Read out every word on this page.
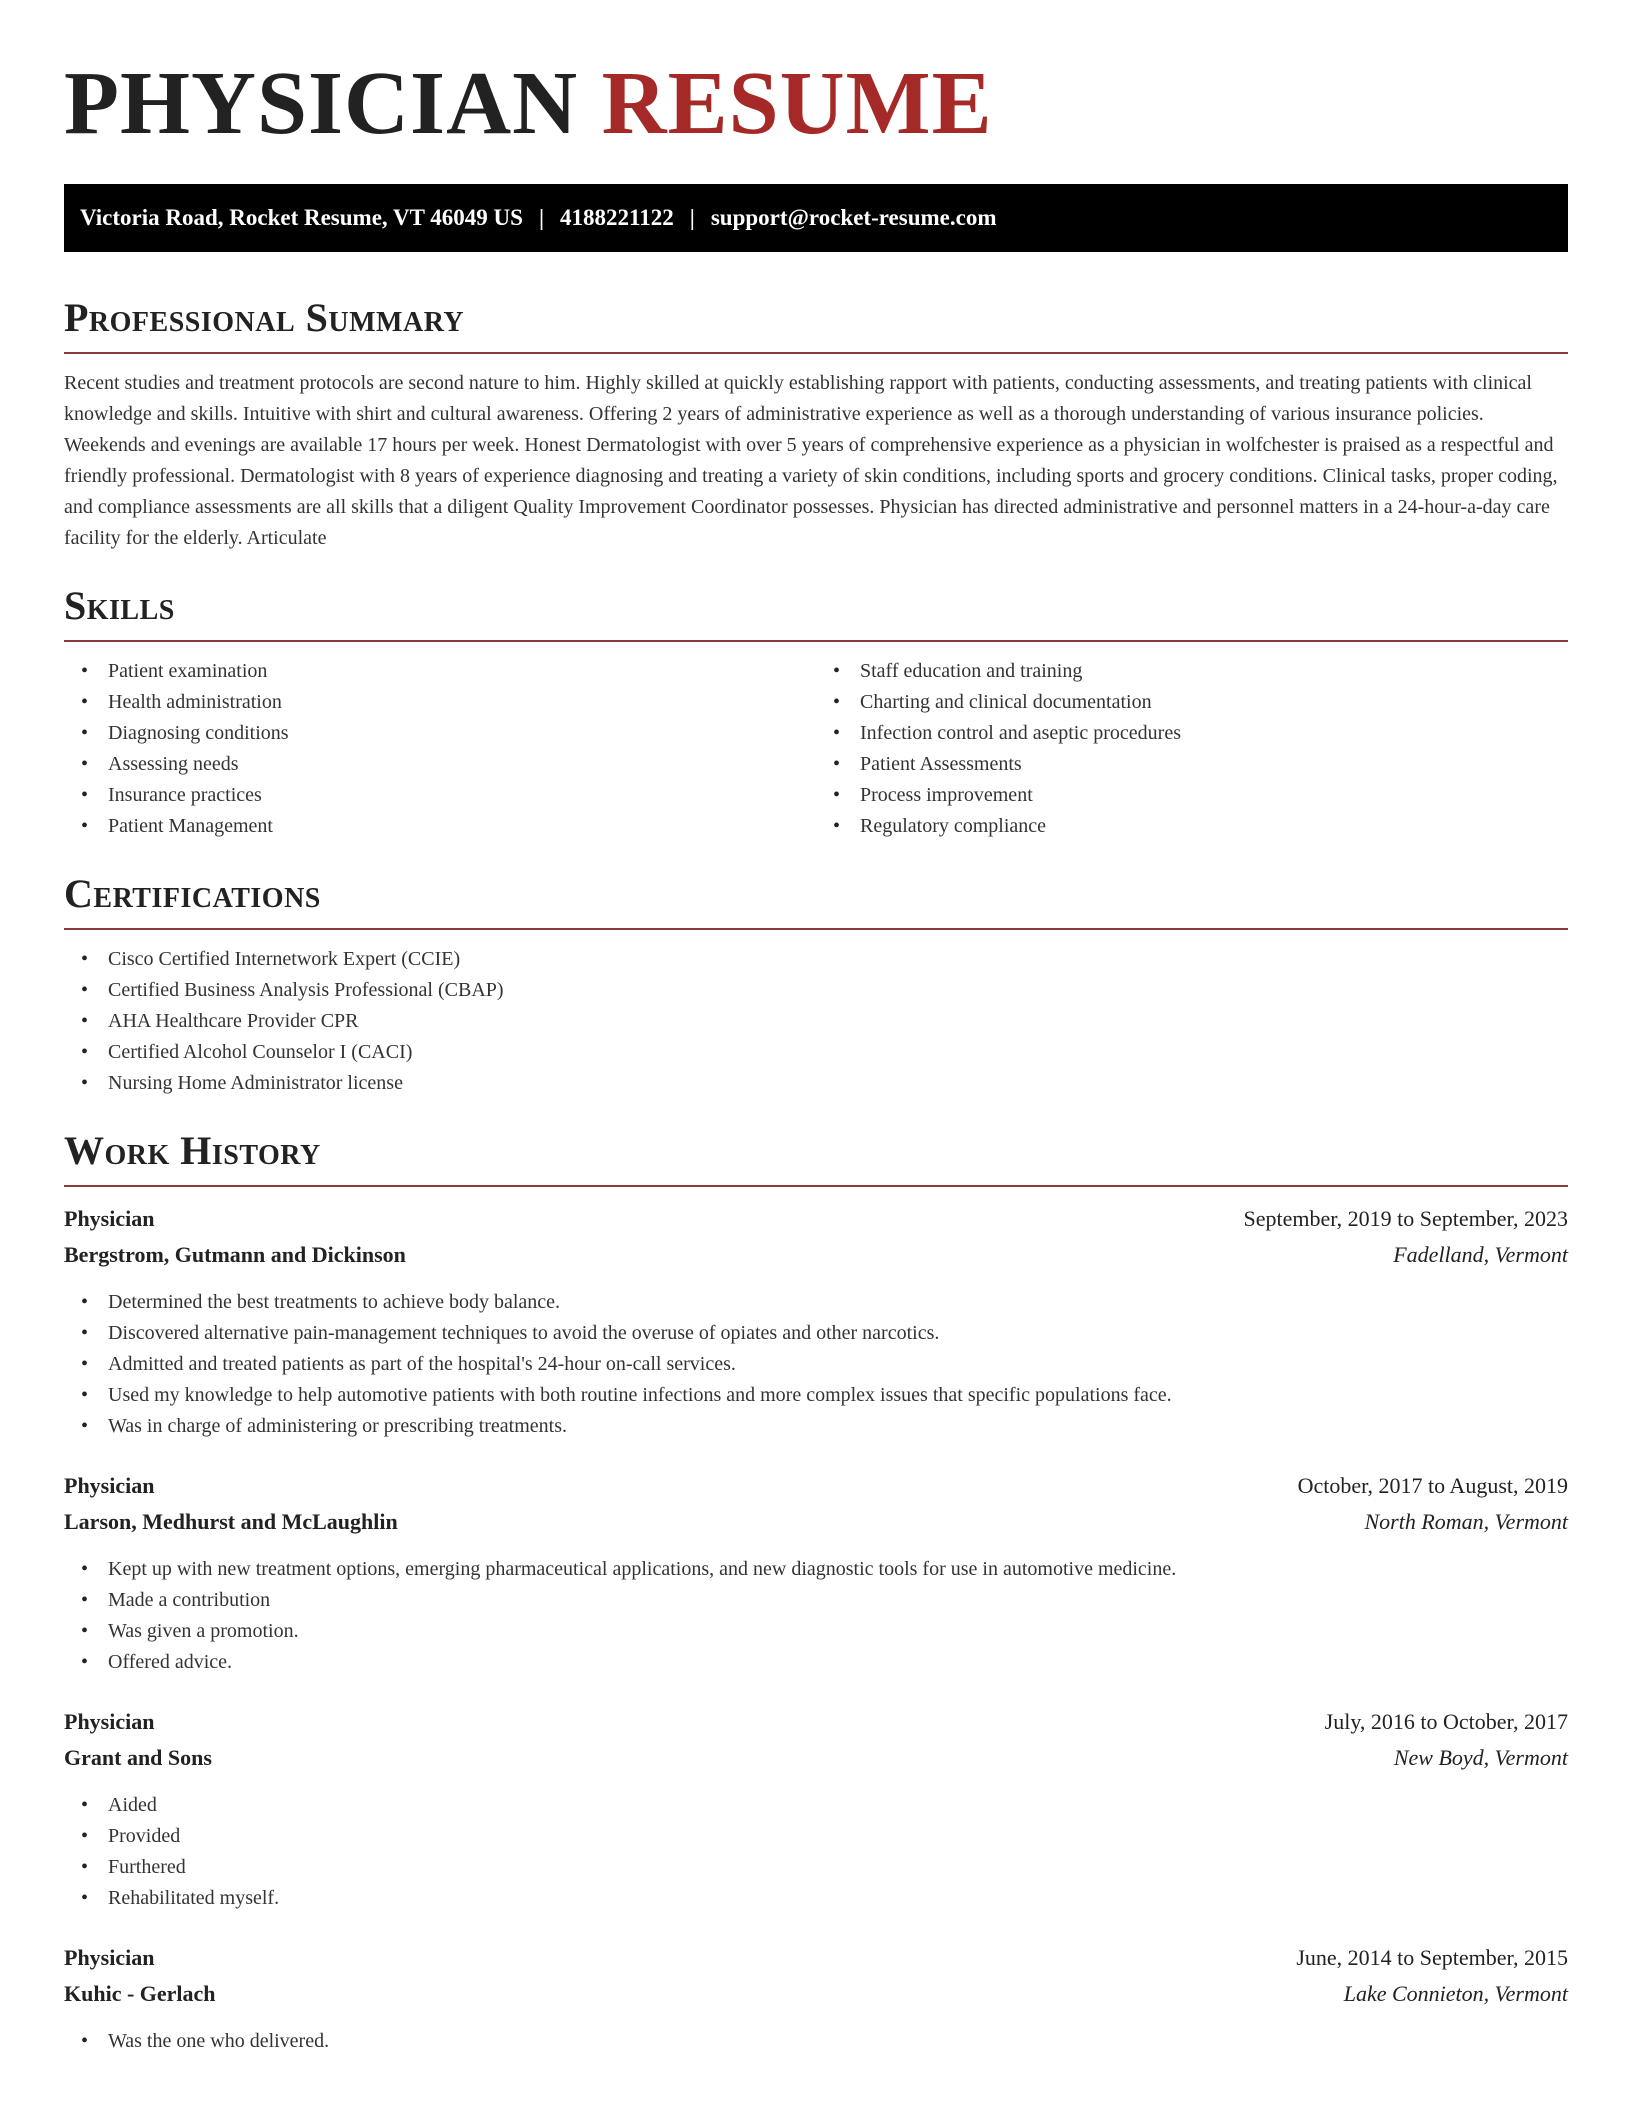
PHYSICIAN RESUME
Victoria Road, Rocket Resume, VT 46049 US | 4188221122 | support@rocket-resume.com
Professional Summary

Recent studies and treatment protocols are second nature to him. Highly skilled at quickly establishing rapport with patients, conducting assessments, and treating patients with clinical knowledge and skills. Intuitive with shirt and cultural awareness. Offering 2 years of administrative experience as well as a thorough understanding of various insurance policies. Weekends and evenings are available 17 hours per week. Honest Dermatologist with over 5 years of comprehensive experience as a physician in wolfchester is praised as a respectful and friendly professional. Dermatologist with 8 years of experience diagnosing and treating a variety of skin conditions, including sports and grocery conditions. Clinical tasks, proper coding, and compliance assessments are all skills that a diligent Quality Improvement Coordinator possesses. Physician has directed administrative and personnel matters in a 24-hour-a-day care facility for the elderly. Articulate

Skills
• Patient examination
• Health administration
• Diagnosing conditions
• Assessing needs
• Insurance practices
• Patient Management
• Staff education and training
• Charting and clinical documentation
• Infection control and aseptic procedures
• Patient Assessments
• Process improvement
• Regulatory compliance
Certifications
• Cisco Certified Internetwork Expert (CCIE)
• Certified Business Analysis Professional (CBAP)
• AHA Healthcare Provider CPR
• Certified Alcohol Counselor I (CACI)
• Nursing Home Administrator license
Work History
Physician	September, 2019 to September, 2023
Bergstrom, Gutmann and Dickinson	Fadelland, Vermont
• Determined the best treatments to achieve body balance.
• Discovered alternative pain-management techniques to avoid the overuse of opiates and other narcotics.
• Admitted and treated patients as part of the hospital's 24-hour on-call services.
• Used my knowledge to help automotive patients with both routine infections and more complex issues that specific populations face.
• Was in charge of administering or prescribing treatments.
Physician	October, 2017 to August, 2019
Larson, Medhurst and McLaughlin	North Roman, Vermont
• Kept up with new treatment options, emerging pharmaceutical applications, and new diagnostic tools for use in automotive medicine.
• Made a contribution
• Was given a promotion.
• Offered advice.
Physician	July, 2016 to October, 2017
Grant and Sons	New Boyd, Vermont
• Aided
• Provided
• Furthered
• Rehabilitated myself.
Physician	June, 2014 to September, 2015
Kuhic - Gerlach	Lake Connieton, Vermont
• Was the one who delivered.
